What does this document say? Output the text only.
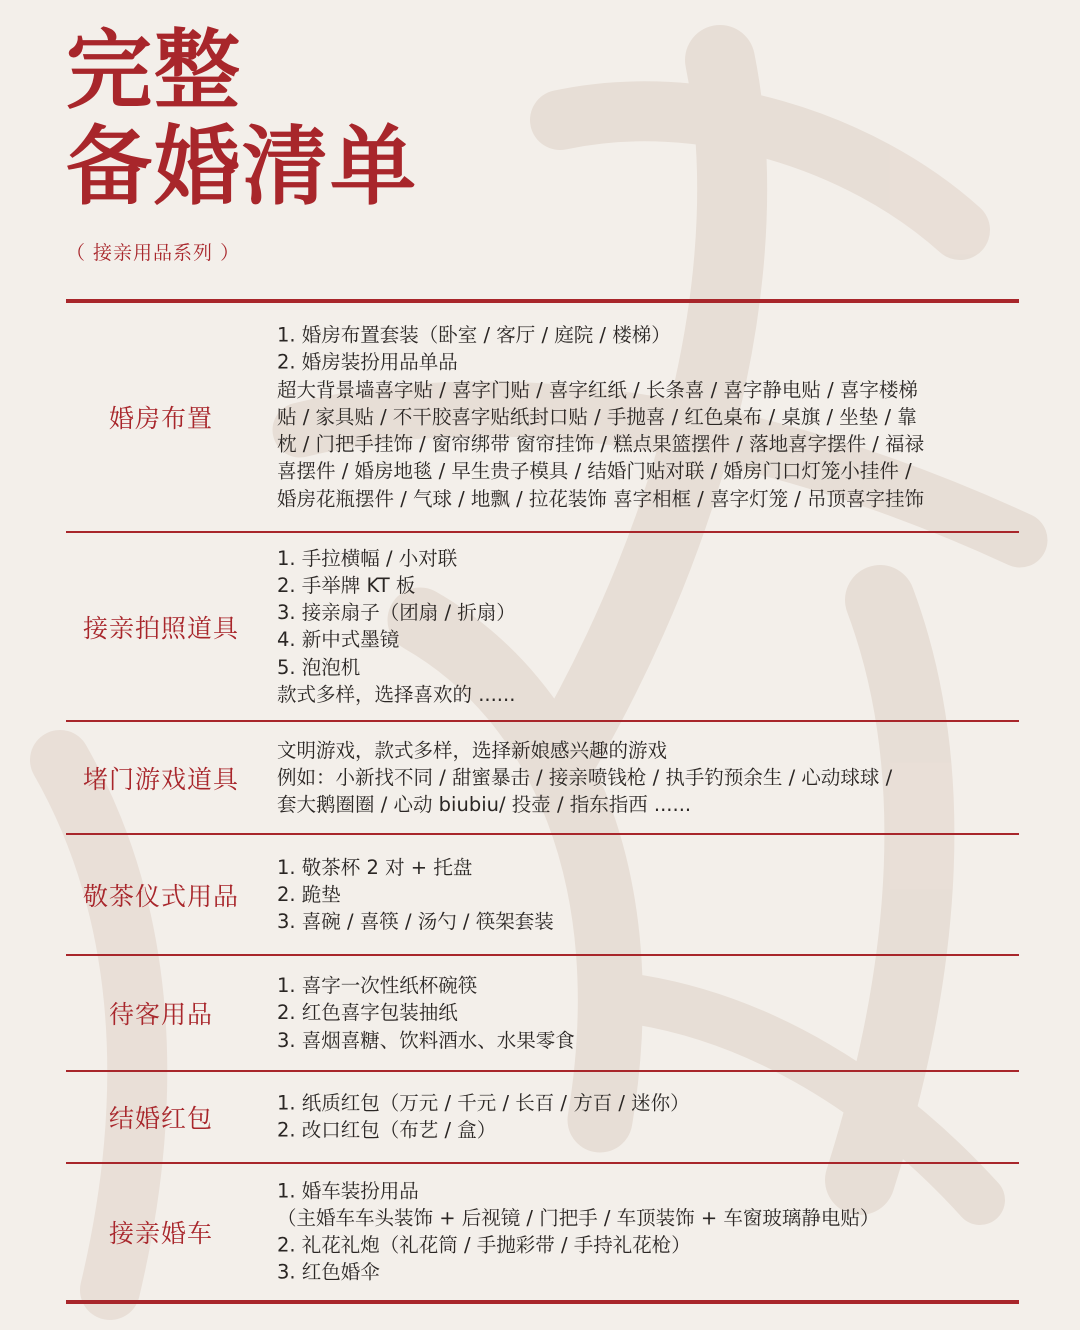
完整
备婚清单
（ 接亲用品系列 ）
婚房布置
1. 婚房布置套装（卧室 / 客厅 / 庭院 / 楼梯）
2. 婚房装扮用品单品
超大背景墙喜字贴 / 喜字门贴 / 喜字红纸 / 长条喜 / 喜字静电贴 / 喜字楼梯
贴 / 家具贴 / 不干胶喜字贴纸封口贴 / 手抛喜 / 红色桌布 / 桌旗 / 坐垫 / 靠
枕 / 门把手挂饰 / 窗帘绑带 窗帘挂饰 / 糕点果篮摆件 / 落地喜字摆件 / 福禄
喜摆件 / 婚房地毯 / 早生贵子模具 / 结婚门贴对联 / 婚房门口灯笼小挂件 /
婚房花瓶摆件 / 气球 / 地飘 / 拉花装饰 喜字相框 / 喜字灯笼 / 吊顶喜字挂饰
接亲拍照道具
1. 手拉横幅 / 小对联
2. 手举牌 KT 板
3. 接亲扇子（团扇 / 折扇）
4. 新中式墨镜
5. 泡泡机
款式多样，选择喜欢的 ......
堵门游戏道具
文明游戏，款式多样，选择新娘感兴趣的游戏
例如：小新找不同 / 甜蜜暴击 / 接亲喷钱枪 / 执手钓预余生 / 心动球球 /
套大鹅圈圈 / 心动 biubiu/ 投壶 / 指东指西 ......
敬茶仪式用品
1. 敬茶杯 2 对 + 托盘
2. 跪垫
3. 喜碗 / 喜筷 / 汤勺 / 筷架套装
待客用品
1. 喜字一次性纸杯碗筷
2. 红色喜字包装抽纸
3. 喜烟喜糖、饮料酒水、水果零食
结婚红包
1. 纸质红包（万元 / 千元 / 长百 / 方百 / 迷你）
2. 改口红包（布艺 / 盒）
接亲婚车
1. 婚车装扮用品
（主婚车车头装饰 + 后视镜 / 门把手 / 车顶装饰 + 车窗玻璃静电贴）
2. 礼花礼炮（礼花筒 / 手抛彩带 / 手持礼花枪）
3. 红色婚伞
